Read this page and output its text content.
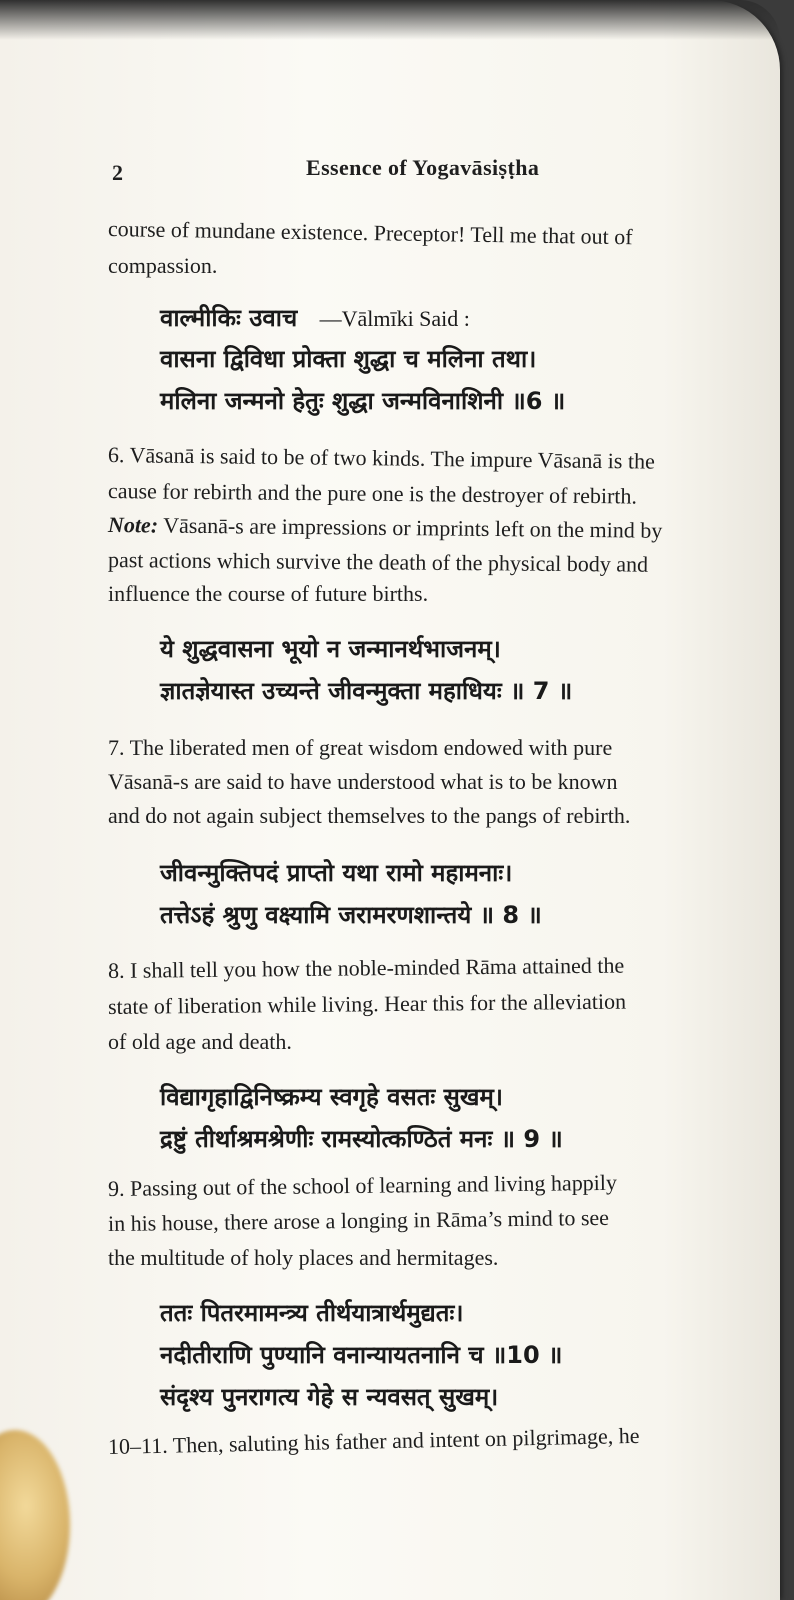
2	Essence of Yogavāsiṣṭha
course of mundane existence. Preceptor! Tell me that out of
compassion.
वाल्मीकिः उवाच —Vālmīki Said :
वासना द्विविधा प्रोक्ता शुद्धा च मलिना तथा।
मलिना जन्मनो हेतुः शुद्धा जन्मविनाशिनी ॥6 ॥
6. Vāsanā is said to be of two kinds. The impure Vāsanā is the
cause for rebirth and the pure one is the destroyer of rebirth.
Note: Vāsanā-s are impressions or imprints left on the mind by
past actions which survive the death of the physical body and
influence the course of future births.
ये शुद्धवासना भूयो न जन्मानर्थभाजनम्।
ज्ञातज्ञेयास्त उच्यन्ते जीवन्मुक्ता महाधियः ॥ 7 ॥
7. The liberated men of great wisdom endowed with pure
Vāsanā-s are said to have understood what is to be known
and do not again subject themselves to the pangs of rebirth.
जीवन्मुक्तिपदं प्राप्तो यथा रामो महामनाः।
तत्तेऽहं श्रुणु वक्ष्यामि जरामरणशान्तये ॥ 8 ॥
8. I shall tell you how the noble-minded Rāma attained the
state of liberation while living. Hear this for the alleviation
of old age and death.
विद्यागृहाद्विनिष्क्रम्य स्वगृहे वसतः सुखम्।
द्रष्टुं तीर्थाश्रमश्रेणीः रामस्योत्कण्ठितं मनः ॥ 9 ॥
9. Passing out of the school of learning and living happily
in his house, there arose a longing in Rāma’s mind to see
the multitude of holy places and hermitages.
ततः पितरमामन्त्र्य तीर्थयात्रार्थमुद्यतः।
नदीतीराणि पुण्यानि वनान्यायतनानि च ॥10 ॥
संदृश्य पुनरागत्य गेहे स न्यवसत् सुखम्।
10–11. Then, saluting his father and intent on pilgrimage, he
